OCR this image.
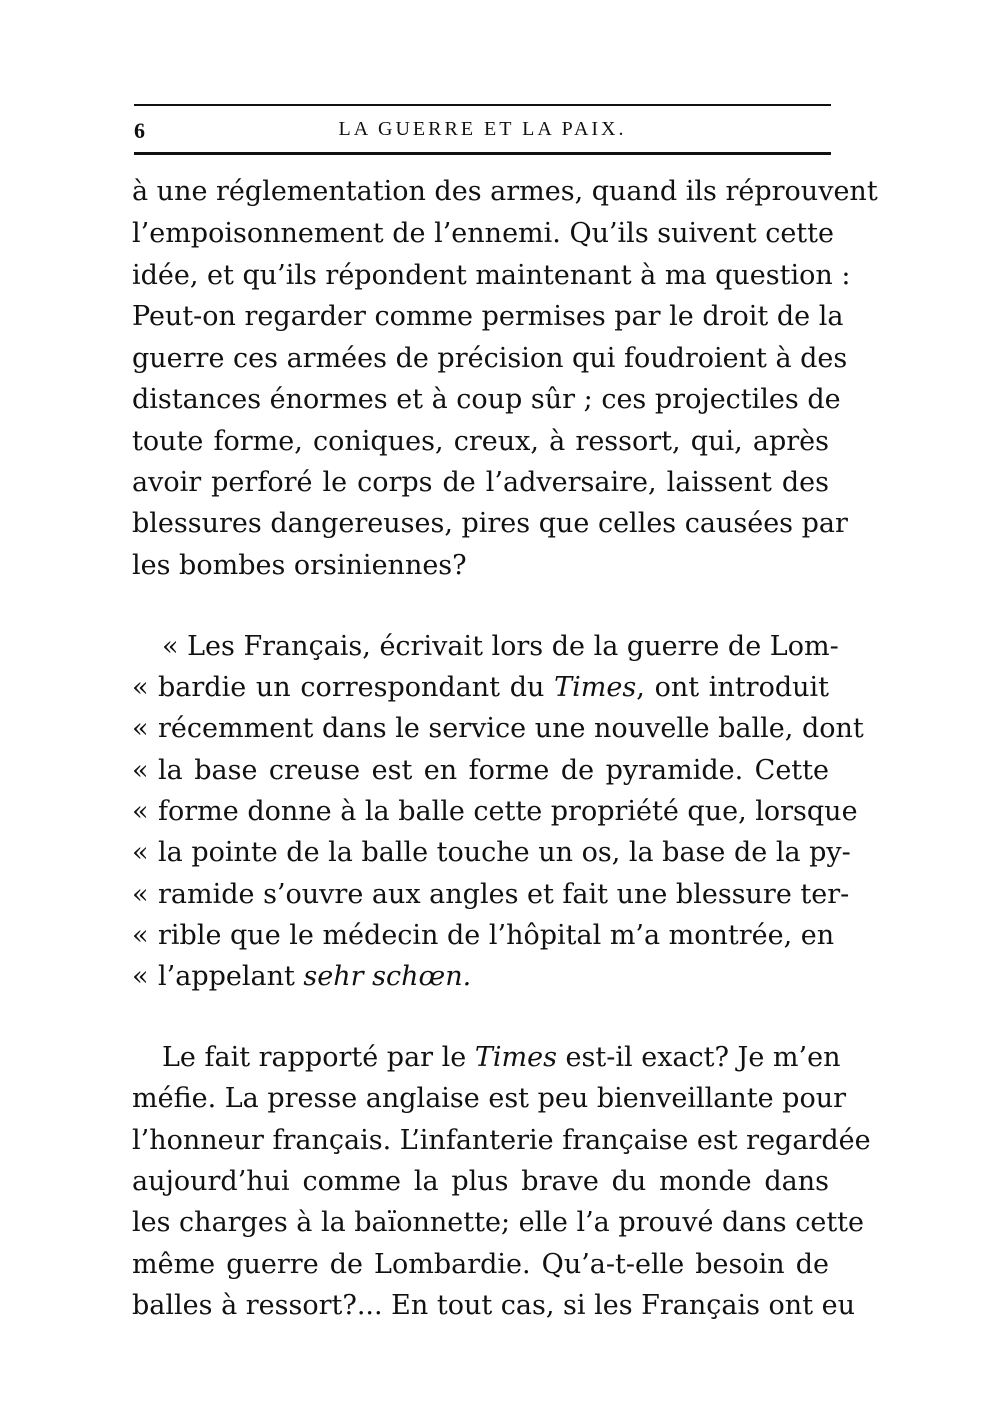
6	LA GUERRE ET LA PAIX.
à une réglementation des armes, quand ils réprouvent
l’empoisonnement de l’ennemi. Qu’ils suivent cette
idée, et qu’ils répondent maintenant à ma question :
Peut-on regarder comme permises par le droit de la
guerre ces armées de précision qui foudroient à des
distances énormes et à coup sûr ; ces projectiles de
toute forme, coniques, creux, à ressort, qui, après
avoir perforé le corps de l’adversaire, laissent des
blessures dangereuses, pires que celles causées par
les bombes orsiniennes?
« Les Français, écrivait lors de la guerre de Lom-
« bardie un correspondant du Times, ont introduit
« récemment dans le service une nouvelle balle, dont
« la base creuse est en forme de pyramide. Cette
« forme donne à la balle cette propriété que, lorsque
« la pointe de la balle touche un os, la base de la py-
« ramide s’ouvre aux angles et fait une blessure ter-
« rible que le médecin de l’hôpital m’a montrée, en
« l’appelant sehr schœn.
Le fait rapporté par le Times est-il exact? Je m’en
méfie. La presse anglaise est peu bienveillante pour
l’honneur français. L’infanterie française est regardée
aujourd’hui comme la plus brave du monde dans
les charges à la baïonnette; elle l’a prouvé dans cette
même guerre de Lombardie. Qu’a-t-elle besoin de
balles à ressort?... En tout cas, si les Français ont eu
